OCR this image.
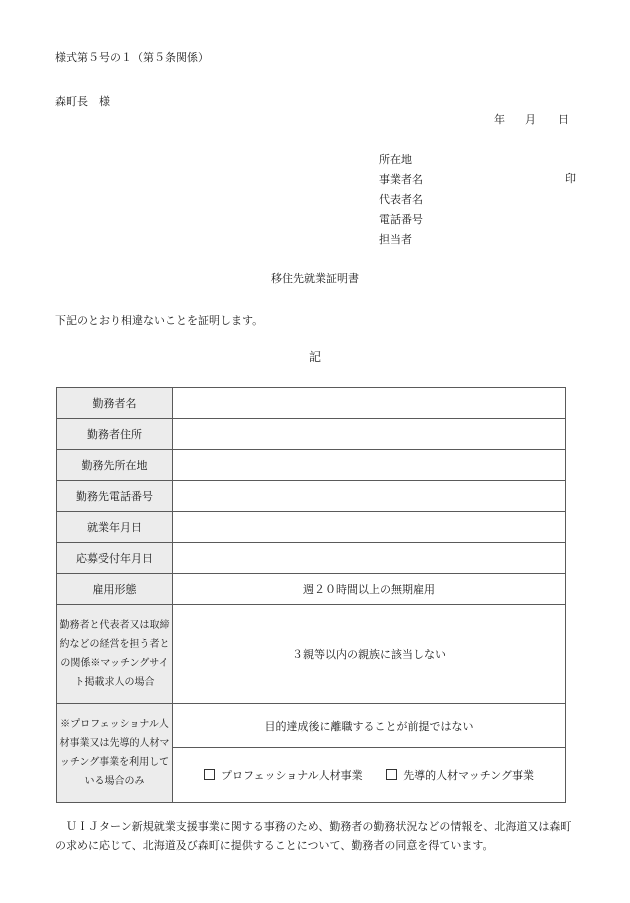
様式第５号の１（第５条関係）
森町長　様
年 月 日
所在地
事業者名
代表者名
電話番号
担当者
印
移住先就業証明書
下記のとおり相違ないことを証明します。
記
勤務者名	
勤務者住所	
勤務先所在地	
勤務先電話番号	
就業年月日	
応募受付年月日	
雇用形態	週２０時間以上の無期雇用
勤務者と代表者又は取締約などの経営を担う者との関係※マッチングサイト掲載求人の場合	３親等以内の親族に該当しない
※プロフェッショナル人材事業又は先導的人材マッチング事業を利用している場合のみ	目的達成後に離職することが前提ではない
	プロフェッショナル人材事業 先導的人材マッチング事業
ＵＩＪターン新規就業支援事業に関する事務のため、勤務者の勤務状況などの情報を、北海道又は森町の求めに応じて、北海道及び森町に提供することについて、勤務者の同意を得ています。
